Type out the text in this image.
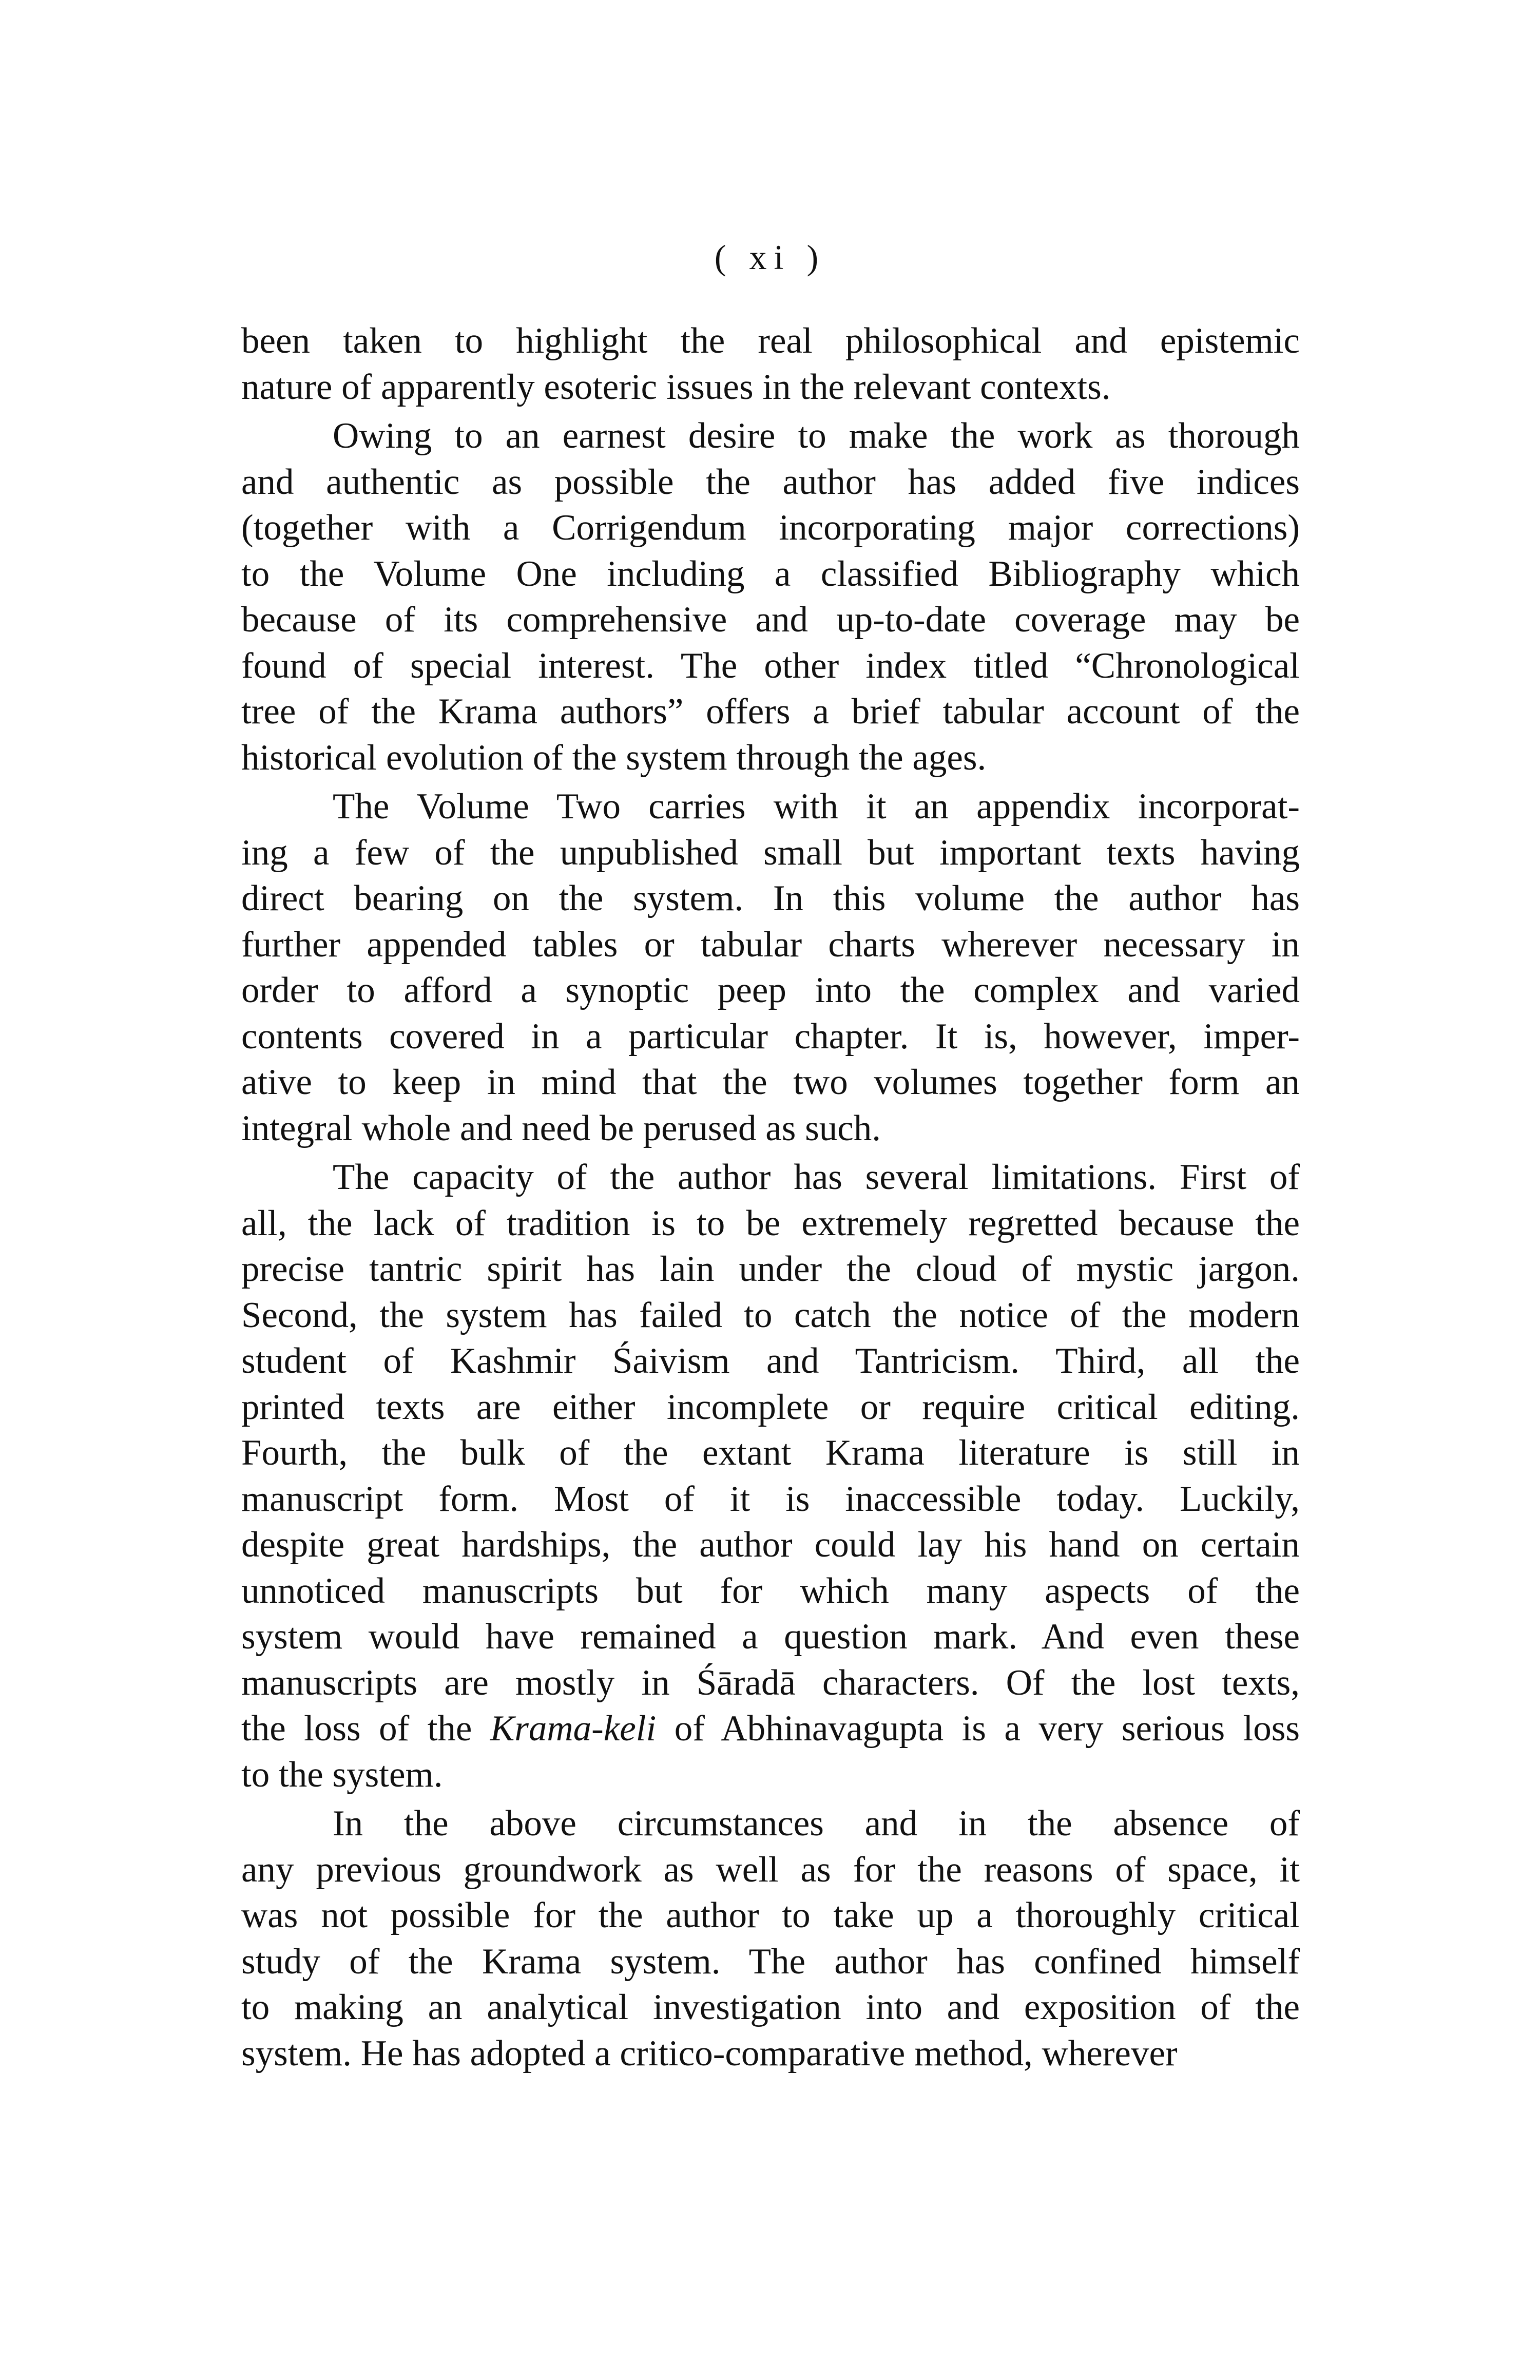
( xi )
been taken to highlight the real philosophical and epistemic
nature of apparently esoteric issues in the relevant contexts.
Owing to an earnest desire to make the work as thorough
and authentic as possible the author has added five indices
(together with a Corrigendum incorporating major corrections)
to the Volume One including a classified Bibliography which
because of its comprehensive and up-to-date coverage may be
found of special interest. The other index titled “Chronological
tree of the Krama authors” offers a brief tabular account of the
historical evolution of the system through the ages.
The Volume Two carries with it an appendix incorporat-
ing a few of the unpublished small but important texts having
direct bearing on the system. In this volume the author has
further appended tables or tabular charts wherever necessary in
order to afford a synoptic peep into the complex and varied
contents covered in a particular chapter. It is, however, imper-
ative to keep in mind that the two volumes together form an
integral whole and need be perused as such.
The capacity of the author has several limitations. First of
all, the lack of tradition is to be extremely regretted because the
precise tantric spirit has lain under the cloud of mystic jargon.
Second, the system has failed to catch the notice of the modern
student of Kashmir Śaivism and Tantricism. Third, all the
printed texts are either incomplete or require critical editing.
Fourth, the bulk of the extant Krama literature is still in
manuscript form. Most of it is inaccessible today. Luckily,
despite great hardships, the author could lay his hand on certain
unnoticed manuscripts but for which many aspects of the
system would have remained a question mark. And even these
manuscripts are mostly in Śāradā characters. Of the lost texts,
the loss of the Krama-keli of Abhinavagupta is a very serious loss
to the system.
In the above circumstances and in the absence of
any previous groundwork as well as for the reasons of space, it
was not possible for the author to take up a thoroughly critical
study of the Krama system. The author has confined himself
to making an analytical investigation into and exposition of the
system. He has adopted a critico-comparative method, wherever
